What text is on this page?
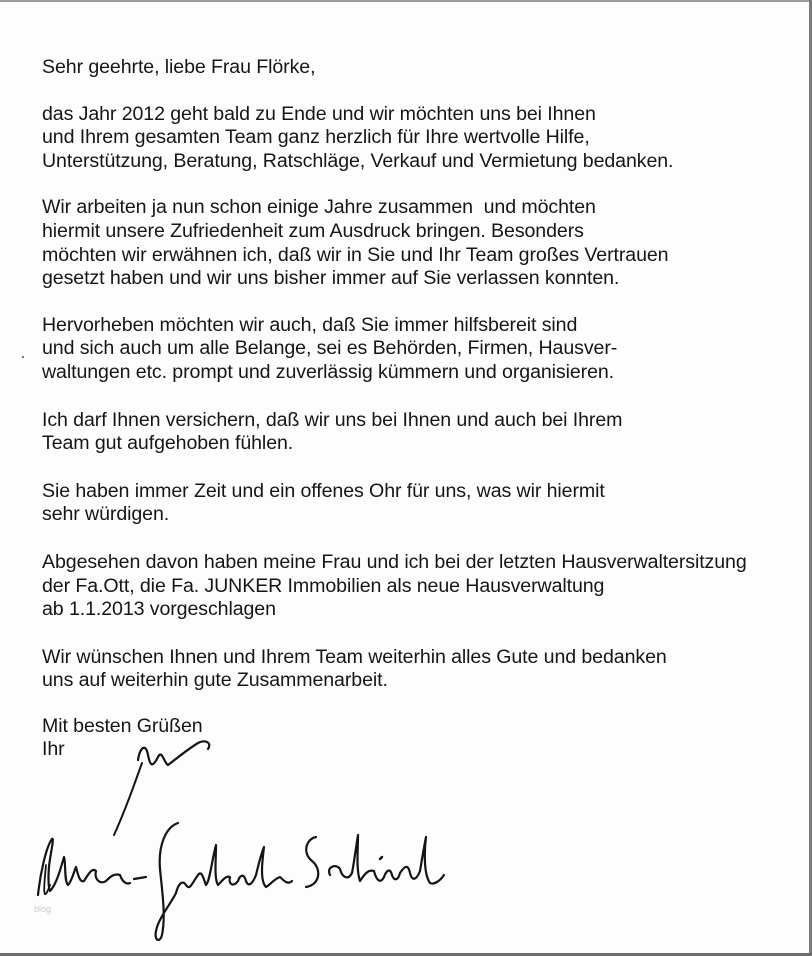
Sehr geehrte, liebe Frau Flörke,

das Jahr 2012 geht bald zu Ende und wir möchten uns bei Ihnen
und Ihrem gesamten Team ganz herzlich für Ihre wertvolle Hilfe,
Unterstützung, Beratung, Ratschläge, Verkauf und Vermietung bedanken.

Wir arbeiten ja nun schon einige Jahre zusammen  und möchten
hiermit unsere Zufriedenheit zum Ausdruck bringen. Besonders
möchten wir erwähnen ich, daß wir in Sie und Ihr Team großes Vertrauen
gesetzt haben und wir uns bisher immer auf Sie verlassen konnten.

Hervorheben möchten wir auch, daß Sie immer hilfsbereit sind
und sich auch um alle Belange, sei es Behörden, Firmen, Hausver-
waltungen etc. prompt und zuverlässig kümmern und organisieren.

Ich darf Ihnen versichern, daß wir uns bei Ihnen und auch bei Ihrem
Team gut aufgehoben fühlen.

Sie haben immer Zeit und ein offenes Ohr für uns, was wir hiermit
sehr würdigen.

Abgesehen davon haben meine Frau und ich bei der letzten Hausverwaltersitzung
der Fa.Ott, die Fa. JUNKER Immobilien als neue Hausverwaltung
ab 1.1.2013 vorgeschlagen

Wir wünschen Ihnen und Ihrem Team weiterhin alles Gute und bedanken
uns auf weiterhin gute Zusammenarbeit.

Mit besten Grüßen
Ihr

blog
